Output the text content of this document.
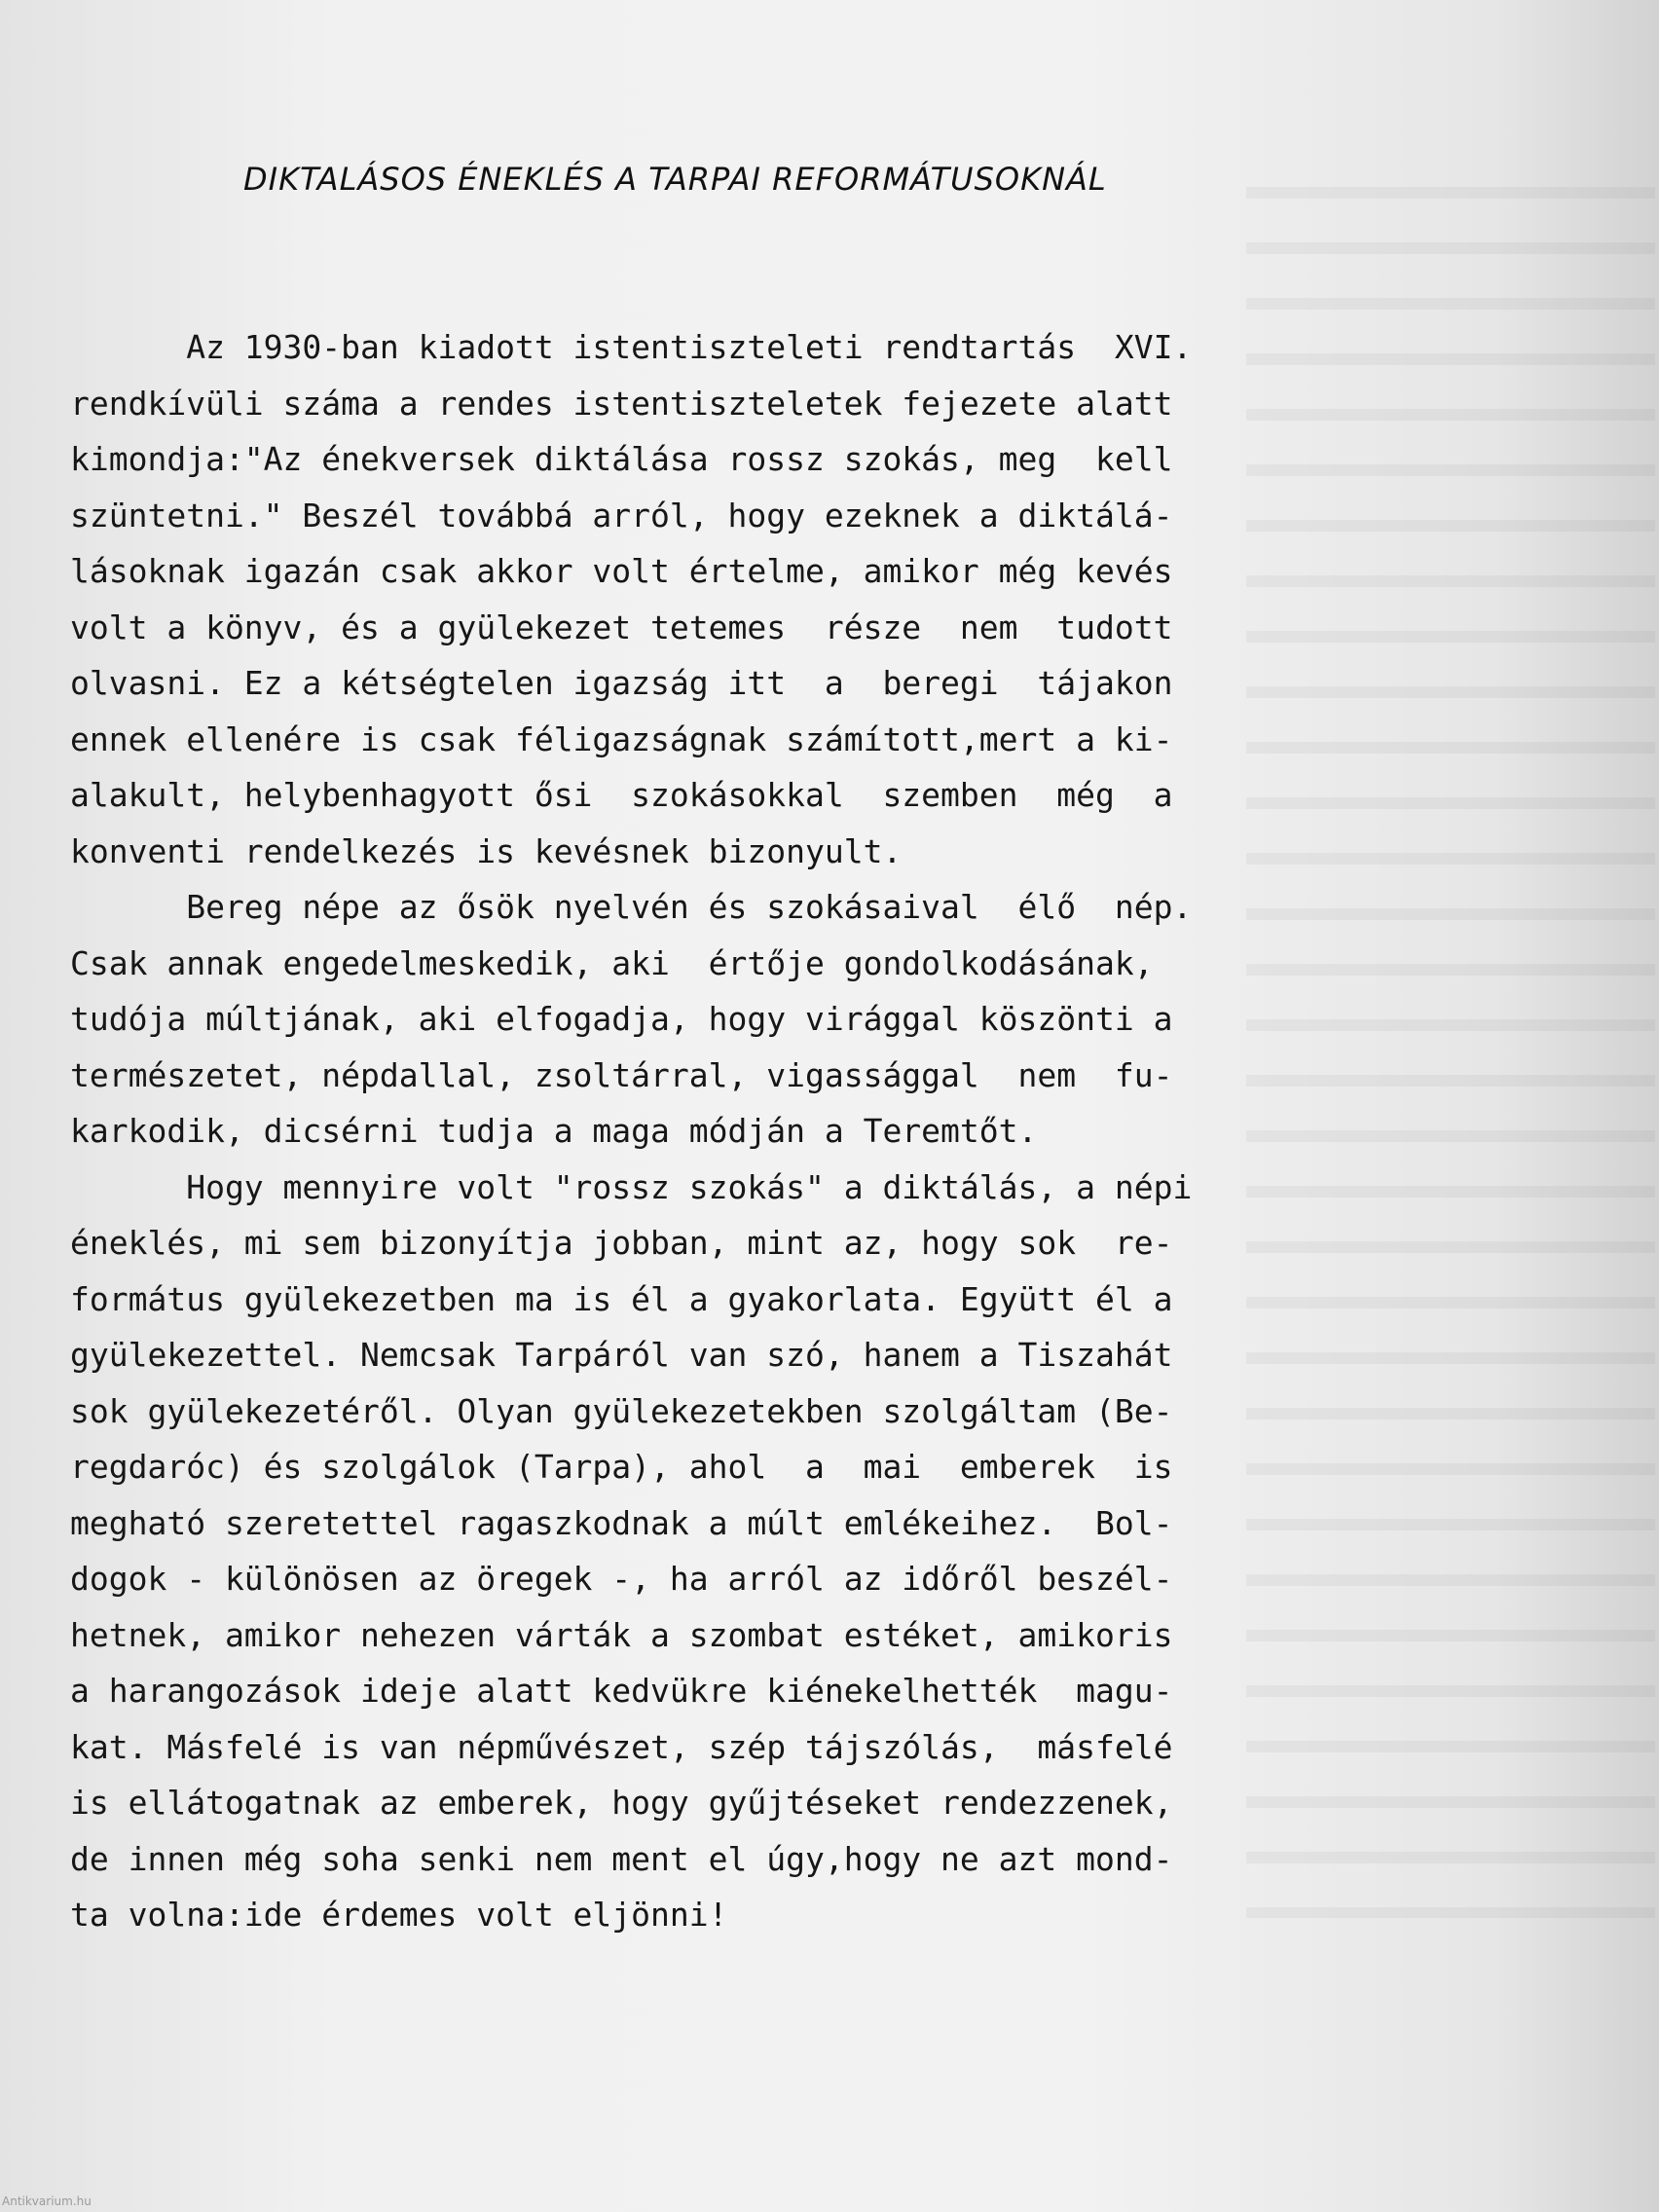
DIKTALÁSOS ÉNEKLÉS A TARPAI REFORMÁTUSOKNÁL
Az 1930-ban kiadott istentiszteleti rendtartás  XVI.
rendkívüli száma a rendes istentiszteletek fejezete alatt
kimondja:"Az énekversek diktálása rossz szokás, meg  kell
szüntetni." Beszél továbbá arról, hogy ezeknek a diktálá-
lásoknak igazán csak akkor volt értelme, amikor még kevés
volt a könyv, és a gyülekezet tetemes  része  nem  tudott
olvasni. Ez a kétségtelen igazság itt  a  beregi  tájakon
ennek ellenére is csak féligazságnak számított,mert a ki-
alakult, helybenhagyott ősi  szokásokkal  szemben  még  a
konventi rendelkezés is kevésnek bizonyult.
Bereg népe az ősök nyelvén és szokásaival  élő  nép.
Csak annak engedelmeskedik, aki  értője gondolkodásának,
tudója múltjának, aki elfogadja, hogy virággal köszönti a
természetet, népdallal, zsoltárral, vigassággal  nem  fu-
karkodik, dicsérni tudja a maga módján a Teremtőt.
Hogy mennyire volt "rossz szokás" a diktálás, a népi
éneklés, mi sem bizonyítja jobban, mint az, hogy sok  re-
formátus gyülekezetben ma is él a gyakorlata. Együtt él a
gyülekezettel. Nemcsak Tarpáról van szó, hanem a Tiszahát
sok gyülekezetéről. Olyan gyülekezetekben szolgáltam (Be-
regdaróc) és szolgálok (Tarpa), ahol  a  mai  emberek  is
megható szeretettel ragaszkodnak a múlt emlékeihez.  Bol-
dogok - különösen az öregek -, ha arról az időről beszél-
hetnek, amikor nehezen várták a szombat estéket, amikoris
a harangozások ideje alatt kedvükre kiénekelhették  magu-
kat. Másfelé is van népművészet, szép tájszólás,  másfelé
is ellátogatnak az emberek, hogy gyűjtéseket rendezzenek,
de innen még soha senki nem ment el úgy,hogy ne azt mond-
ta volna:ide érdemes volt eljönni!
Antikvarium.hu
